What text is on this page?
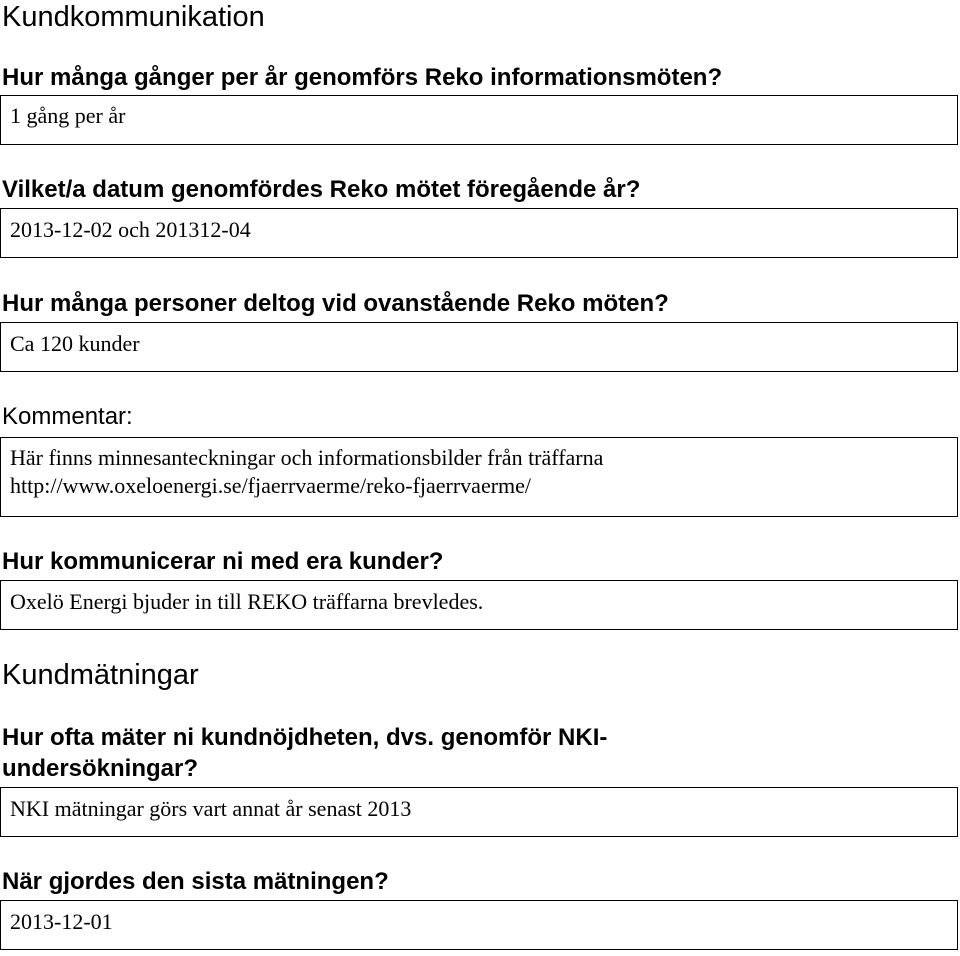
Kundkommunikation
Hur många gånger per år genomförs Reko informationsmöten?
1 gång per år
Vilket/a datum genomfördes Reko mötet föregående år?
2013-12-02 och 201312-04
Hur många personer deltog vid ovanstående Reko möten?
Ca 120 kunder
Kommentar:
Här finns minnesanteckningar och informationsbilder från träffarna
http://www.oxeloenergi.se/fjaerrvaerme/reko-fjaerrvaerme/
Hur kommunicerar ni med era kunder?
Oxelö Energi bjuder in till REKO träffarna brevledes.
Kundmätningar
Hur ofta mäter ni kundnöjdheten, dvs. genomför NKI-
undersökningar?
NKI mätningar görs vart annat år senast 2013
När gjordes den sista mätningen?
2013-12-01
